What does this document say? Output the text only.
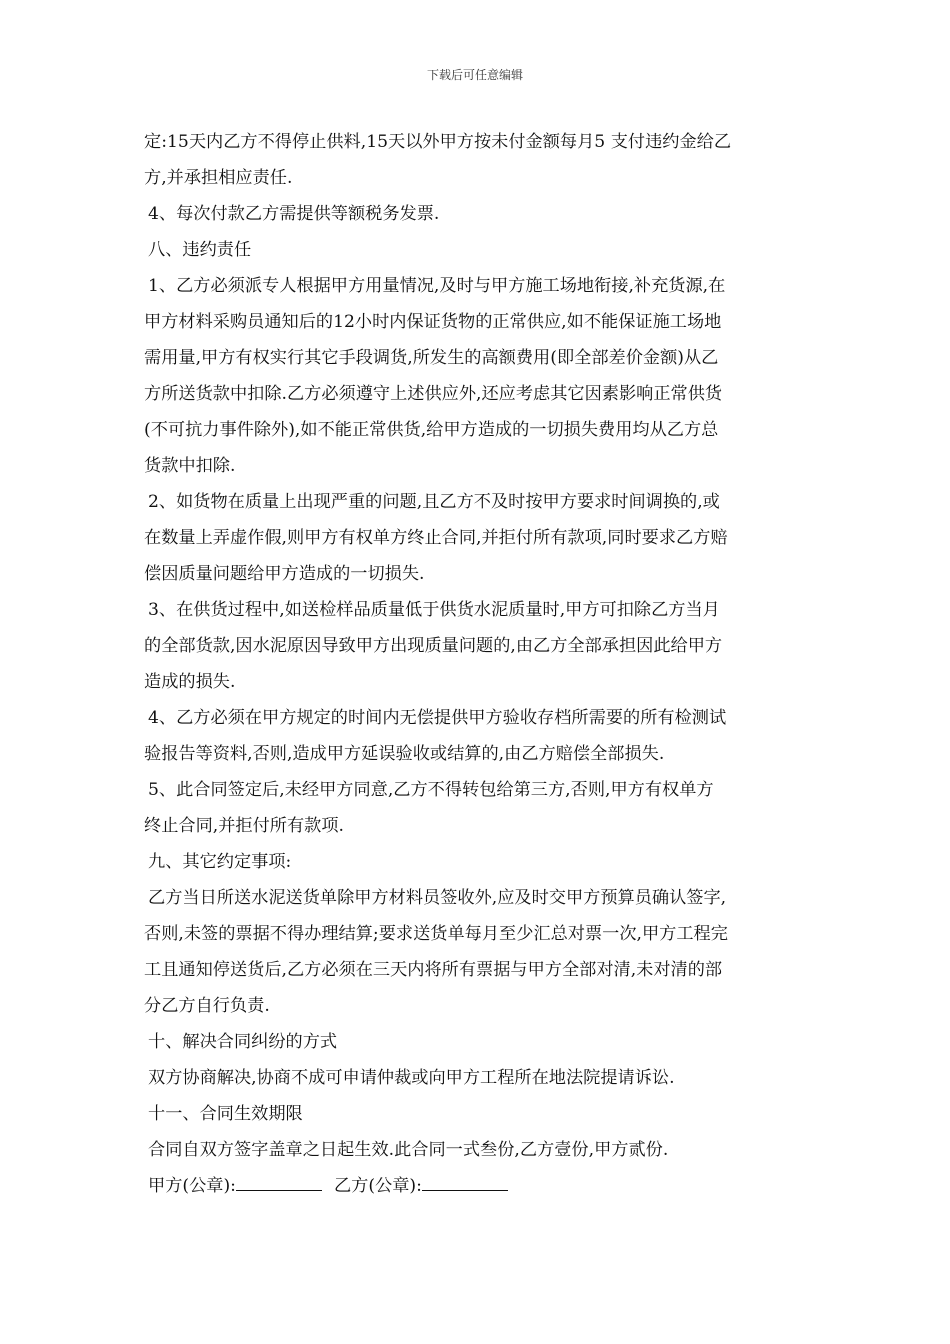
下载后可任意编辑
定:15天内乙方不得停止供料,15天以外甲方按未付金额每月5 支付违约金给乙
方,并承担相应责任.
4、每次付款乙方需提供等额税务发票.
八、违约责任
1、乙方必须派专人根据甲方用量情况,及时与甲方施工场地衔接,补充货源,在
甲方材料采购员通知后的12小时内保证货物的正常供应,如不能保证施工场地
需用量,甲方有权实行其它手段调货,所发生的高额费用(即全部差价金额)从乙
方所送货款中扣除.乙方必须遵守上述供应外,还应考虑其它因素影响正常供货
(不可抗力事件除外),如不能正常供货,给甲方造成的一切损失费用均从乙方总
货款中扣除.
2、如货物在质量上出现严重的问题,且乙方不及时按甲方要求时间调换的,或
在数量上弄虚作假,则甲方有权单方终止合同,并拒付所有款项,同时要求乙方赔
偿因质量问题给甲方造成的一切损失.
3、在供货过程中,如送检样品质量低于供货水泥质量时,甲方可扣除乙方当月
的全部货款,因水泥原因导致甲方出现质量问题的,由乙方全部承担因此给甲方
造成的损失.
4、乙方必须在甲方规定的时间内无偿提供甲方验收存档所需要的所有检测试
验报告等资料,否则,造成甲方延误验收或结算的,由乙方赔偿全部损失.
5、此合同签定后,未经甲方同意,乙方不得转包给第三方,否则,甲方有权单方
终止合同,并拒付所有款项.
九、其它约定事项:
乙方当日所送水泥送货单除甲方材料员签收外,应及时交甲方预算员确认签字,
否则,未签的票据不得办理结算;要求送货单每月至少汇总对票一次,甲方工程完
工且通知停送货后,乙方必须在三天内将所有票据与甲方全部对清,未对清的部
分乙方自行负责.
十、解决合同纠纷的方式
双方协商解决,协商不成可申请仲裁或向甲方工程所在地法院提请诉讼.
十一、合同生效期限
合同自双方签字盖章之日起生效.此合同一式叁份,乙方壹份,甲方贰份.
甲方(公章):	乙方(公章):
